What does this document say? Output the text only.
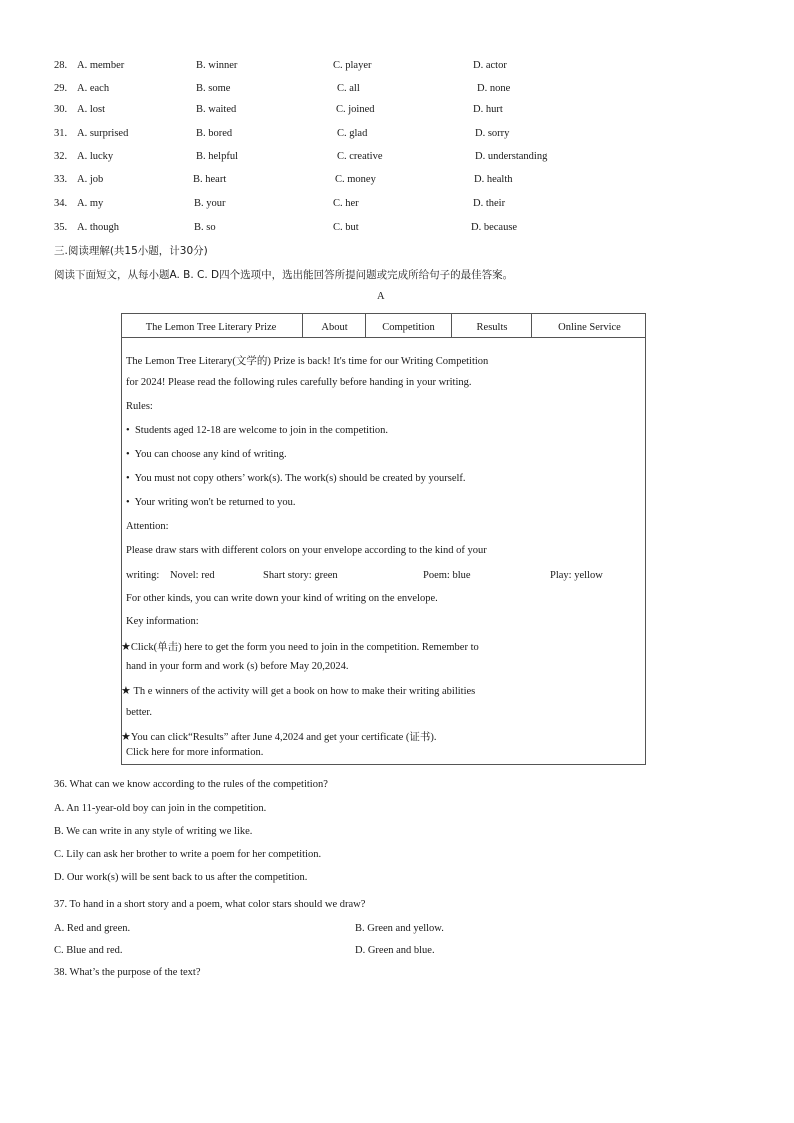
28. A. member	B. winner	C. player	D. actor
29. A. each	B. some	C. all	D. none
30. A. lost	B. waited	C. joined	D. hurt
31. A. surprised	B. bored	C. glad	D. sorry
32. A. lucky	B. helpful	C. creative	D. understanding
33. A. job	B. heart	C. money	D. health
34. A. my	B. your	C. her	D. their
35. A. though	B. so	C. but	D. because
三.阅读理解(共15小题，计30分)
阅读下面短文，从每小题A. B. C. D四个选项中，选出能回答所提问题或完成所给句子的最佳答案。
A
The Lemon Tree Literary Prize	About	Competition	Results	Online Service
The Lemon Tree Literary(文学的) Prize is back! It's time for our Writing Competition
for 2024! Please read the following rules carefully before handing in your writing.
Rules:
• Students aged 12-18 are welcome to join in the competition.
• You can choose any kind of writing.
• You must not copy others’ work(s). The work(s) should be created by yourself.
• Your writing won't be returned to you.
Attention:
Please draw stars with different colors on your envelope according to the kind of your
writing: Novel: red	Shart story: green	Poem: blue	Play: yellow
For other kinds, you can write down your kind of writing on the envelope.
Key information:
★Click(单击) here to get the form you need to join in the competition. Remember to
hand in your form and work (s) before May 20,2024.
★ Th e winners of the activity will get a book on how to make their writing abilities
better.
★You can click“Results” after June 4,2024 and get your certificate (证书).
Click here for more information.
36. What can we know according to the rules of the competition?
A. An 11-year-old boy can join in the competition.
B. We can write in any style of writing we like.
C. Lily can ask her brother to write a poem for her competition.
D. Our work(s) will be sent back to us after the competition.
37. To hand in a short story and a poem, what color stars should we draw?
A. Red and green.	B. Green and yellow.
C. Blue and red.	D. Green and blue.
38. What’s the purpose of the text?
